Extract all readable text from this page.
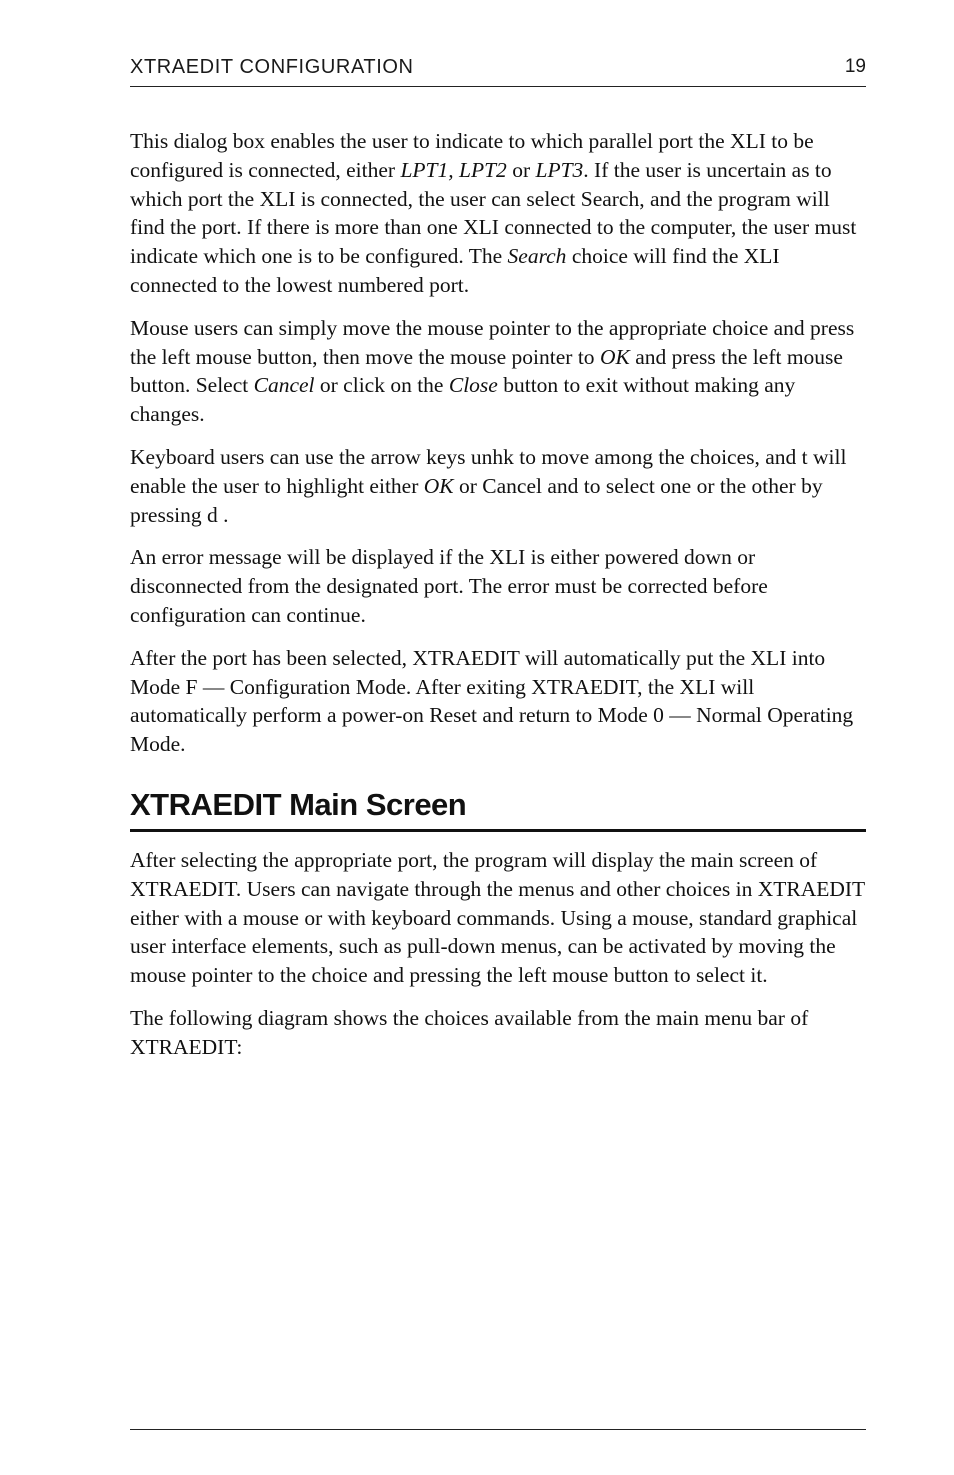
XTRAEDIT CONFIGURATION	19

This dialog box enables the user to indicate to which parallel port the XLI to be configured is connected, either LPT1, LPT2 or LPT3. If the user is uncertain as to which port the XLI is connected, the user can select Search, and the program will find the port. If there is more than one XLI connected to the computer, the user must indicate which one is to be configured. The Search choice will find the XLI connected to the lowest numbered port.

Mouse users can simply move the mouse pointer to the appropriate choice and press the left mouse button, then move the mouse pointer to OK and press the left mouse button. Select Cancel or click on the Close button to exit without making any changes.

Keyboard users can use the arrow keys unhk to move among the choices, and t will enable the user to highlight either OK or Cancel and to select one or the other by pressing d .

An error message will be displayed if the XLI is either powered down or disconnected from the designated port. The error must be corrected before configuration can continue.

After the port has been selected, XTRAEDIT will automatically put the XLI into Mode F — Configuration Mode. After exiting XTRAEDIT, the XLI will automatically perform a power-on Reset and return to Mode 0 — Normal Operating Mode.

XTRAEDIT Main Screen

After selecting the appropriate port, the program will display the main screen of XTRAEDIT. Users can navigate through the menus and other choices in XTRAEDIT either with a mouse or with keyboard commands. Using a mouse, standard graphical user interface elements, such as pull-down menus, can be activated by moving the mouse pointer to the choice and pressing the left mouse button to select it.

The following diagram shows the choices available from the main menu bar of XTRAEDIT:
